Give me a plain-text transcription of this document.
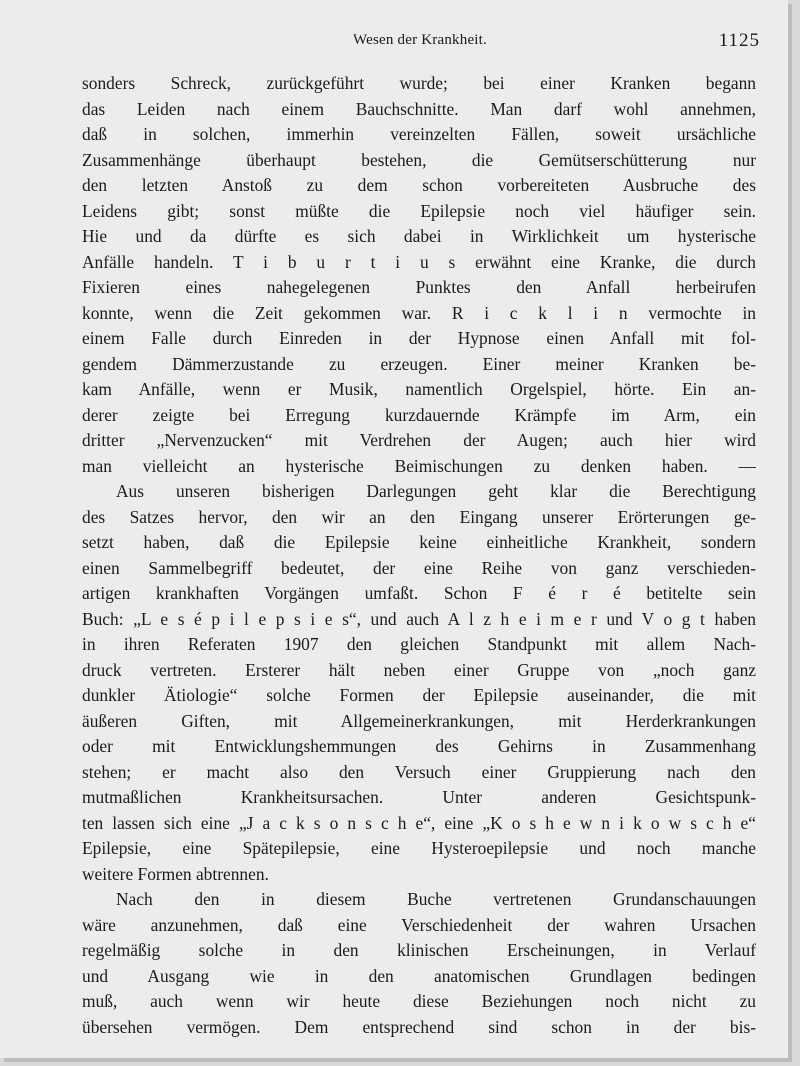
Wesen der Krankheit.	1125
sonders Schreck, zurückgeführt wurde; bei einer Kranken begann
das Leiden nach einem Bauchschnitte. Man darf wohl annehmen,
daß in solchen, immerhin vereinzelten Fällen, soweit ursächliche
Zusammenhänge überhaupt bestehen, die Gemütserschütterung nur
den letzten Anstoß zu dem schon vorbereiteten Ausbruche des
Leidens gibt; sonst müßte die Epilepsie noch viel häufiger sein.
Hie und da dürfte es sich dabei in Wirklichkeit um hysterische
Anfälle handeln. T i b u r t i u s erwähnt eine Kranke, die durch
Fixieren eines nahegelegenen Punktes den Anfall herbeirufen
konnte, wenn die Zeit gekommen war. R i c k l i n vermochte in
einem Falle durch Einreden in der Hypnose einen Anfall mit fol-
gendem Dämmerzustande zu erzeugen. Einer meiner Kranken be-
kam Anfälle, wenn er Musik, namentlich Orgelspiel, hörte. Ein an-
derer zeigte bei Erregung kurzdauernde Krämpfe im Arm, ein
dritter „Nervenzucken“ mit Verdrehen der Augen; auch hier wird
man vielleicht an hysterische Beimischungen zu denken haben. —
Aus unseren bisherigen Darlegungen geht klar die Berechtigung
des Satzes hervor, den wir an den Eingang unserer Erörterungen ge-
setzt haben, daß die Epilepsie keine einheitliche Krankheit, sondern
einen Sammelbegriff bedeutet, der eine Reihe von ganz verschieden-
artigen krankhaften Vorgängen umfaßt. Schon F é r é betitelte sein
Buch: „L e s é p i l e p s i e s“, und auch A l z h e i m e r und V o g t haben
in ihren Referaten 1907 den gleichen Standpunkt mit allem Nach-
druck vertreten. Ersterer hält neben einer Gruppe von „noch ganz
dunkler Ätiologie“ solche Formen der Epilepsie auseinander, die mit
äußeren Giften, mit Allgemeinerkrankungen, mit Herderkrankungen
oder mit Entwicklungshemmungen des Gehirns in Zusammenhang
stehen; er macht also den Versuch einer Gruppierung nach den
mutmaßlichen Krankheitsursachen. Unter anderen Gesichtspunk-
ten lassen sich eine „J a c k s o n s c h e“, eine „K o s h e w n i k o w s c h e“
Epilepsie, eine Spätepilepsie, eine Hysteroepilepsie und noch manche
weitere Formen abtrennen.
Nach den in diesem Buche vertretenen Grundanschauungen
wäre anzunehmen, daß eine Verschiedenheit der wahren Ursachen
regelmäßig solche in den klinischen Erscheinungen, in Verlauf
und Ausgang wie in den anatomischen Grundlagen bedingen
muß, auch wenn wir heute diese Beziehungen noch nicht zu
übersehen vermögen. Dem entsprechend sind schon in der bis-
